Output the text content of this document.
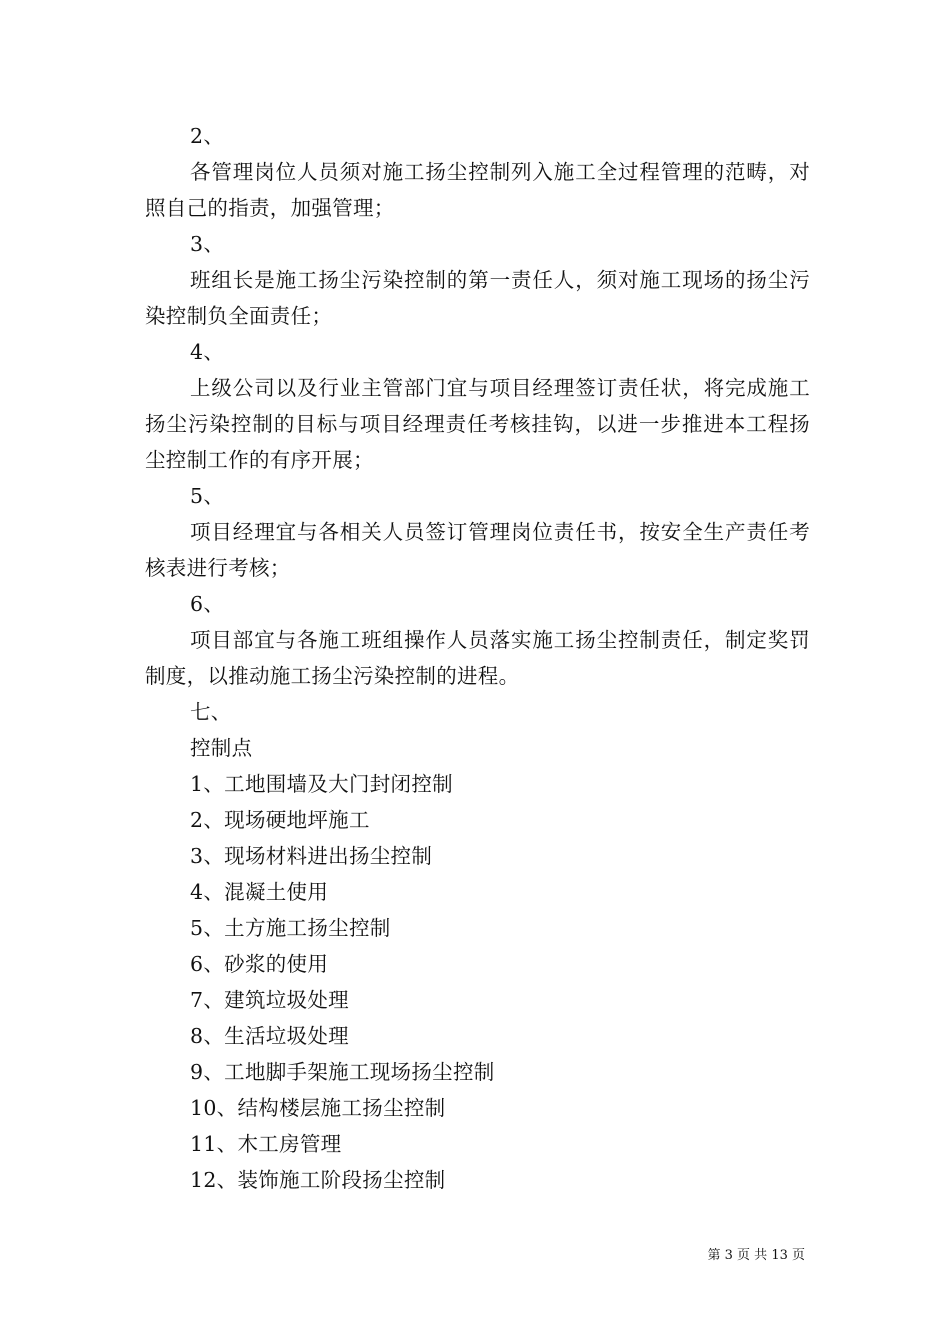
2、
各管理岗位人员须对施工扬尘控制列入施工全过程管理的范畴，对照自己的指责，加强管理；
3、
班组长是施工扬尘污染控制的第一责任人，须对施工现场的扬尘污染控制负全面责任；
4、
上级公司以及行业主管部门宜与项目经理签订责任状，将完成施工扬尘污染控制的目标与项目经理责任考核挂钩，以进一步推进本工程扬尘控制工作的有序开展；
5、
项目经理宜与各相关人员签订管理岗位责任书，按安全生产责任考核表进行考核；
6、
项目部宜与各施工班组操作人员落实施工扬尘控制责任，制定奖罚制度，以推动施工扬尘污染控制的进程。
七、
控制点
1、工地围墙及大门封闭控制
2、现场硬地坪施工
3、现场材料进出扬尘控制
4、混凝土使用
5、土方施工扬尘控制
6、砂浆的使用
7、建筑垃圾处理
8、生活垃圾处理
9、工地脚手架施工现场扬尘控制
10、结构楼层施工扬尘控制
11、木工房管理
12、装饰施工阶段扬尘控制
第 3 页 共 13 页
